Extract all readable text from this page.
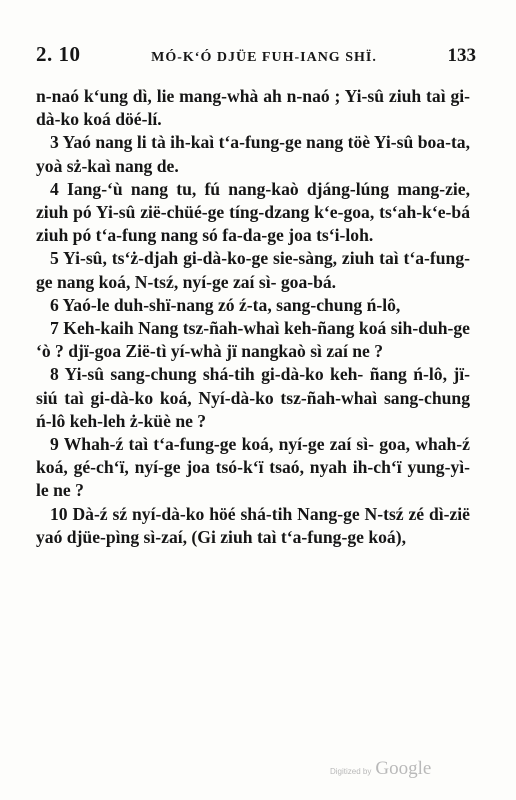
2. 10	MÓ-K‘Ó DJÜE FUH-IANG SHÏ.	133
n-naó k‘ung dì, lie mang-whà ah n-naó ; Yi-sû ziuh taì gi-dà-ko koá döé-lí.
3 Yaó nang li tà ih-kaì t‘a-fung-ge nang töè Yi-sû boa-ta, yoà sż-kaì nang de.
4 Iang-‘ù nang tu, fú nang-kaò djáng-lúng mang-zie, ziuh pó Yi-sû zië-chüé-ge tíng-dzang k‘e-goa, ts‘ah-k‘e-bá ziuh pó t‘a-fung nang só fa-da-ge joa ts‘i-loh.
5 Yi-sû, ts‘ż-djah gi-dà-ko-ge sie-sàng, ziuh taì t‘a-fung-ge nang koá, N-tsź, nyí-ge zaí sì- goa-bá.
6 Yaó-le duh-shï-nang zó ź-ta, sang-chung ń-lô,
7 Keh-kaih Nang tsz-ñah-whaì keh-ñang koá sih-duh-ge ‘ò ? djï-goa Zië-tì yí-whà jï nangkaò sì zaí ne ?
8 Yi-sû sang-chung shá-tih gi-dà-ko keh- ñang ń-lô, jï-siú taì gi-dà-ko koá, Nyí-dà-ko tsz-ñah-whaì sang-chung ń-lô keh-leh ż-küè ne ?
9 Whah-ź taì t‘a-fung-ge koá, nyí-ge zaí sì- goa, whah-ź koá, gé-ch‘ï, nyí-ge joa tsó-k‘ï tsaó, nyah ih-ch‘ï yung-yì-le ne ?
10 Dà-ź sź nyí-dà-ko höé shá-tih Nang-ge N-tsź zé dì-zië yaó djüe-pìng sì-zaí, (Gi ziuh taì t‘a-fung-ge koá),
Digitized by Google
